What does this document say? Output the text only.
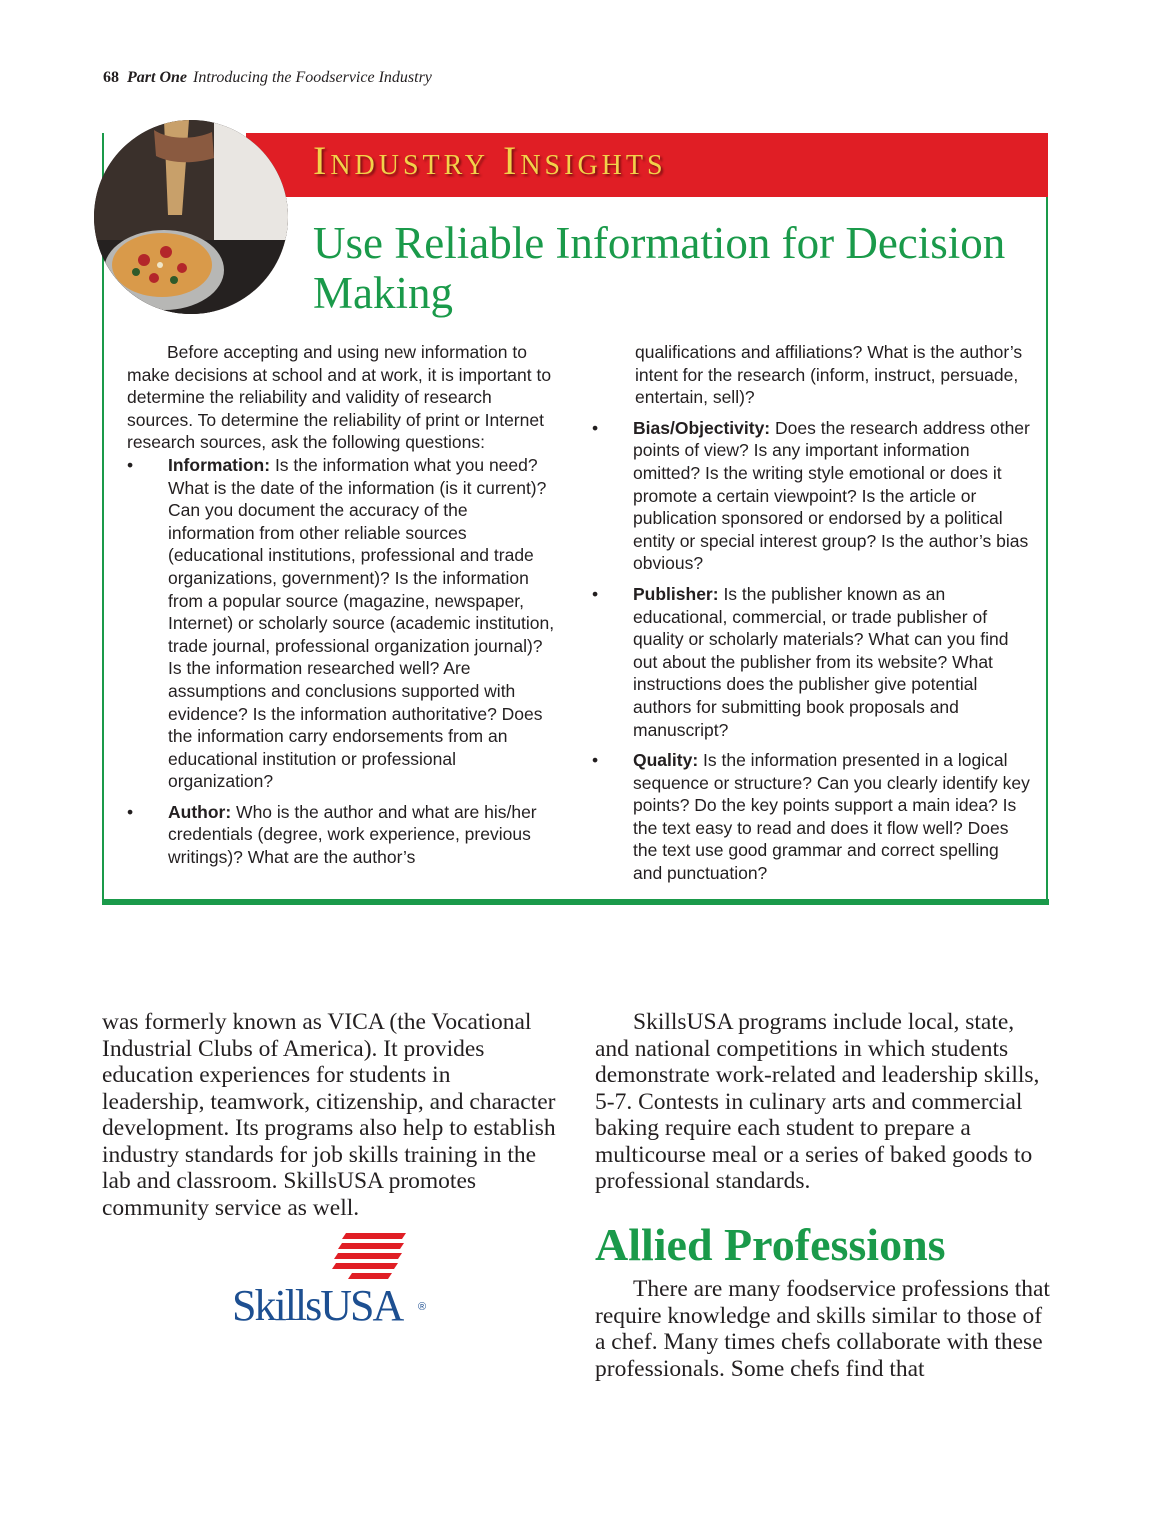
68 Part One Introducing the Foodservice Industry
Industry Insights
Use Reliable Information for Decision Making

Before accepting and using new information to make decisions at school and at work, it is important to determine the reliability and validity of research sources. To determine the reliability of print or Internet research sources, ask the following questions:

• Information: Is the information what you need? What is the date of the information (is it current)? Can you document the accuracy of the information from other reliable sources (educational institutions, professional and trade organizations, government)? Is the information from a popular source (magazine, newspaper, Internet) or scholarly source (academic institution, trade journal, professional organization journal)? Is the information researched well? Are assumptions and conclusions supported with evidence? Is the information authoritative? Does the information carry endorsements from an educational institution or professional organization?
• Author: Who is the author and what are his/her credentials (degree, work experience, previous writings)? What are the author’s

qualifications and affiliations? What is the author’s intent for the research (inform, instruct, persuade, entertain, sell)?

• Bias/Objectivity: Does the research address other points of view? Is any important information omitted? Is the writing style emotional or does it promote a certain viewpoint? Is the article or publication sponsored or endorsed by a political entity or special interest group? Is the author’s bias obvious?
• Publisher: Is the publisher known as an educational, commercial, or trade publisher of quality or scholarly materials? What can you find out about the publisher from its website? What instructions does the publisher give potential authors for submitting book proposals and manuscript?
• Quality: Is the information presented in a logical sequence or structure? Can you clearly identify key points? Do the key points support a main idea? Is the text easy to read and does it flow well? Does the text use good grammar and correct spelling and punctuation?

was formerly known as VICA (the Vocational Industrial Clubs of America). It provides education experiences for students in leadership, teamwork, citizenship, and character development. Its programs also help to establish industry standards for job skills training in the lab and classroom. SkillsUSA promotes community service as well.

SkillsUSA ®

SkillsUSA programs include local, state, and national competitions in which students demonstrate work-related and leadership skills, 5-7. Contests in culinary arts and commercial baking require each student to prepare a multicourse meal or a series of baked goods to professional standards.

Allied Professions

There are many foodservice professions that require knowledge and skills similar to those of a chef. Many times chefs collaborate with these professionals. Some chefs find that
